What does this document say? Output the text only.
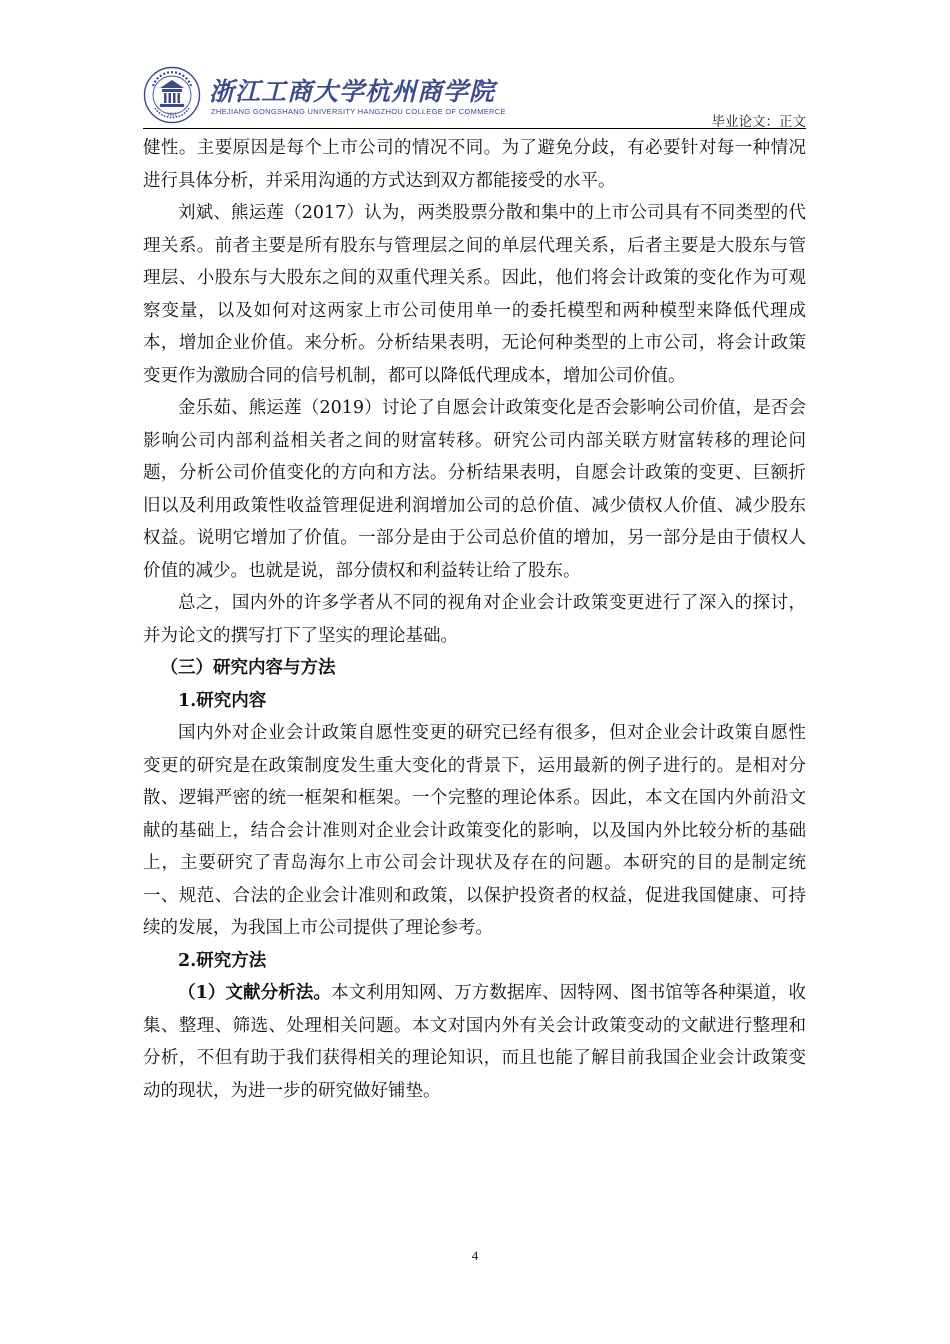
1911
浙江工商大学杭州商学院
ZHEJIANG GONGSHANG UNIVERSITY HANGZHOU COLLEGE OF COMMERCE
毕业论文：正文

健性。主要原因是每个上市公司的情况不同。为了避免分歧，有必要针对每一种情况进行具体分析，并采用沟通的方式达到双方都能接受的水平。

刘斌、熊运莲（2017）认为，两类股票分散和集中的上市公司具有不同类型的代理关系。前者主要是所有股东与管理层之间的单层代理关系，后者主要是大股东与管理层、小股东与大股东之间的双重代理关系。因此，他们将会计政策的变化作为可观察变量，以及如何对这两家上市公司使用单一的委托模型和两种模型来降低代理成本，增加企业价值。来分析。分析结果表明，无论何种类型的上市公司，将会计政策变更作为激励合同的信号机制，都可以降低代理成本，增加公司价值。

金乐茹、熊运莲（2019）讨论了自愿会计政策变化是否会影响公司价值，是否会影响公司内部利益相关者之间的财富转移。研究公司内部关联方财富转移的理论问题，分析公司价值变化的方向和方法。分析结果表明，自愿会计政策的变更、巨额折旧以及利用政策性收益管理促进利润增加公司的总价值、减少债权人价值、减少股东权益。说明它增加了价值。一部分是由于公司总价值的增加，另一部分是由于债权人价值的减少。也就是说，部分债权和利益转让给了股东。

总之，国内外的许多学者从不同的视角对企业会计政策变更进行了深入的探讨，并为论文的撰写打下了坚实的理论基础。

（三）研究内容与方法

1.研究内容

国内外对企业会计政策自愿性变更的研究已经有很多，但对企业会计政策自愿性变更的研究是在政策制度发生重大变化的背景下，运用最新的例子进行的。是相对分散、逻辑严密的统一框架和框架。一个完整的理论体系。因此，本文在国内外前沿文献的基础上，结合会计准则对企业会计政策变化的影响，以及国内外比较分析的基础上，主要研究了青岛海尔上市公司会计现状及存在的问题。本研究的目的是制定统一、规范、合法的企业会计准则和政策，以保护投资者的权益，促进我国健康、可持续的发展，为我国上市公司提供了理论参考。

2.研究方法

（1）文献分析法。本文利用知网、万方数据库、因特网、图书馆等各种渠道，收集、整理、筛选、处理相关问题。本文对国内外有关会计政策变动的文献进行整理和分析，不但有助于我们获得相关的理论知识，而且也能了解目前我国企业会计政策变动的现状，为进一步的研究做好铺垫。

4
